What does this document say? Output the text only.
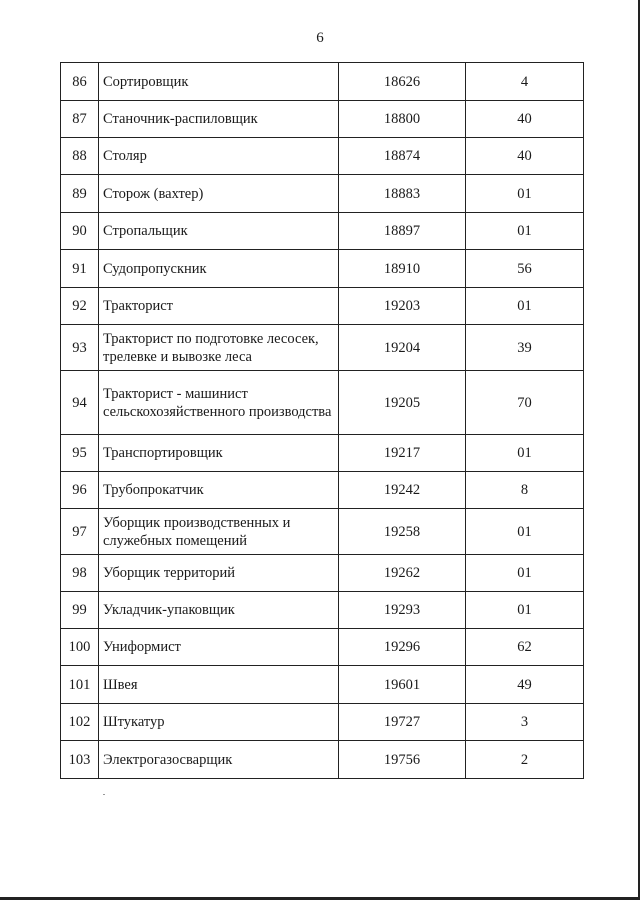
6
86	Сортировщик	18626	4
87	Станочник-распиловщик	18800	40
88	Столяр	18874	40
89	Сторож (вахтер)	18883	01
90	Стропальщик	18897	01
91	Судопропускник	18910	56
92	Тракторист	19203	01
93	Тракторист по подготовке лесосек, трелевке и вывозке леса	19204	39
94	Тракторист - машинист сельскохозяйственного производства	19205	70
95	Транспортировщик	19217	01
96	Трубопрокатчик	19242	8
97	Уборщик производственных и служебных помещений	19258	01
98	Уборщик территорий	19262	01
99	Укладчик-упаковщик	19293	01
100	Униформист	19296	62
101	Швея	19601	49
102	Штукатур	19727	3
103	Электрогазосварщик	19756	2
